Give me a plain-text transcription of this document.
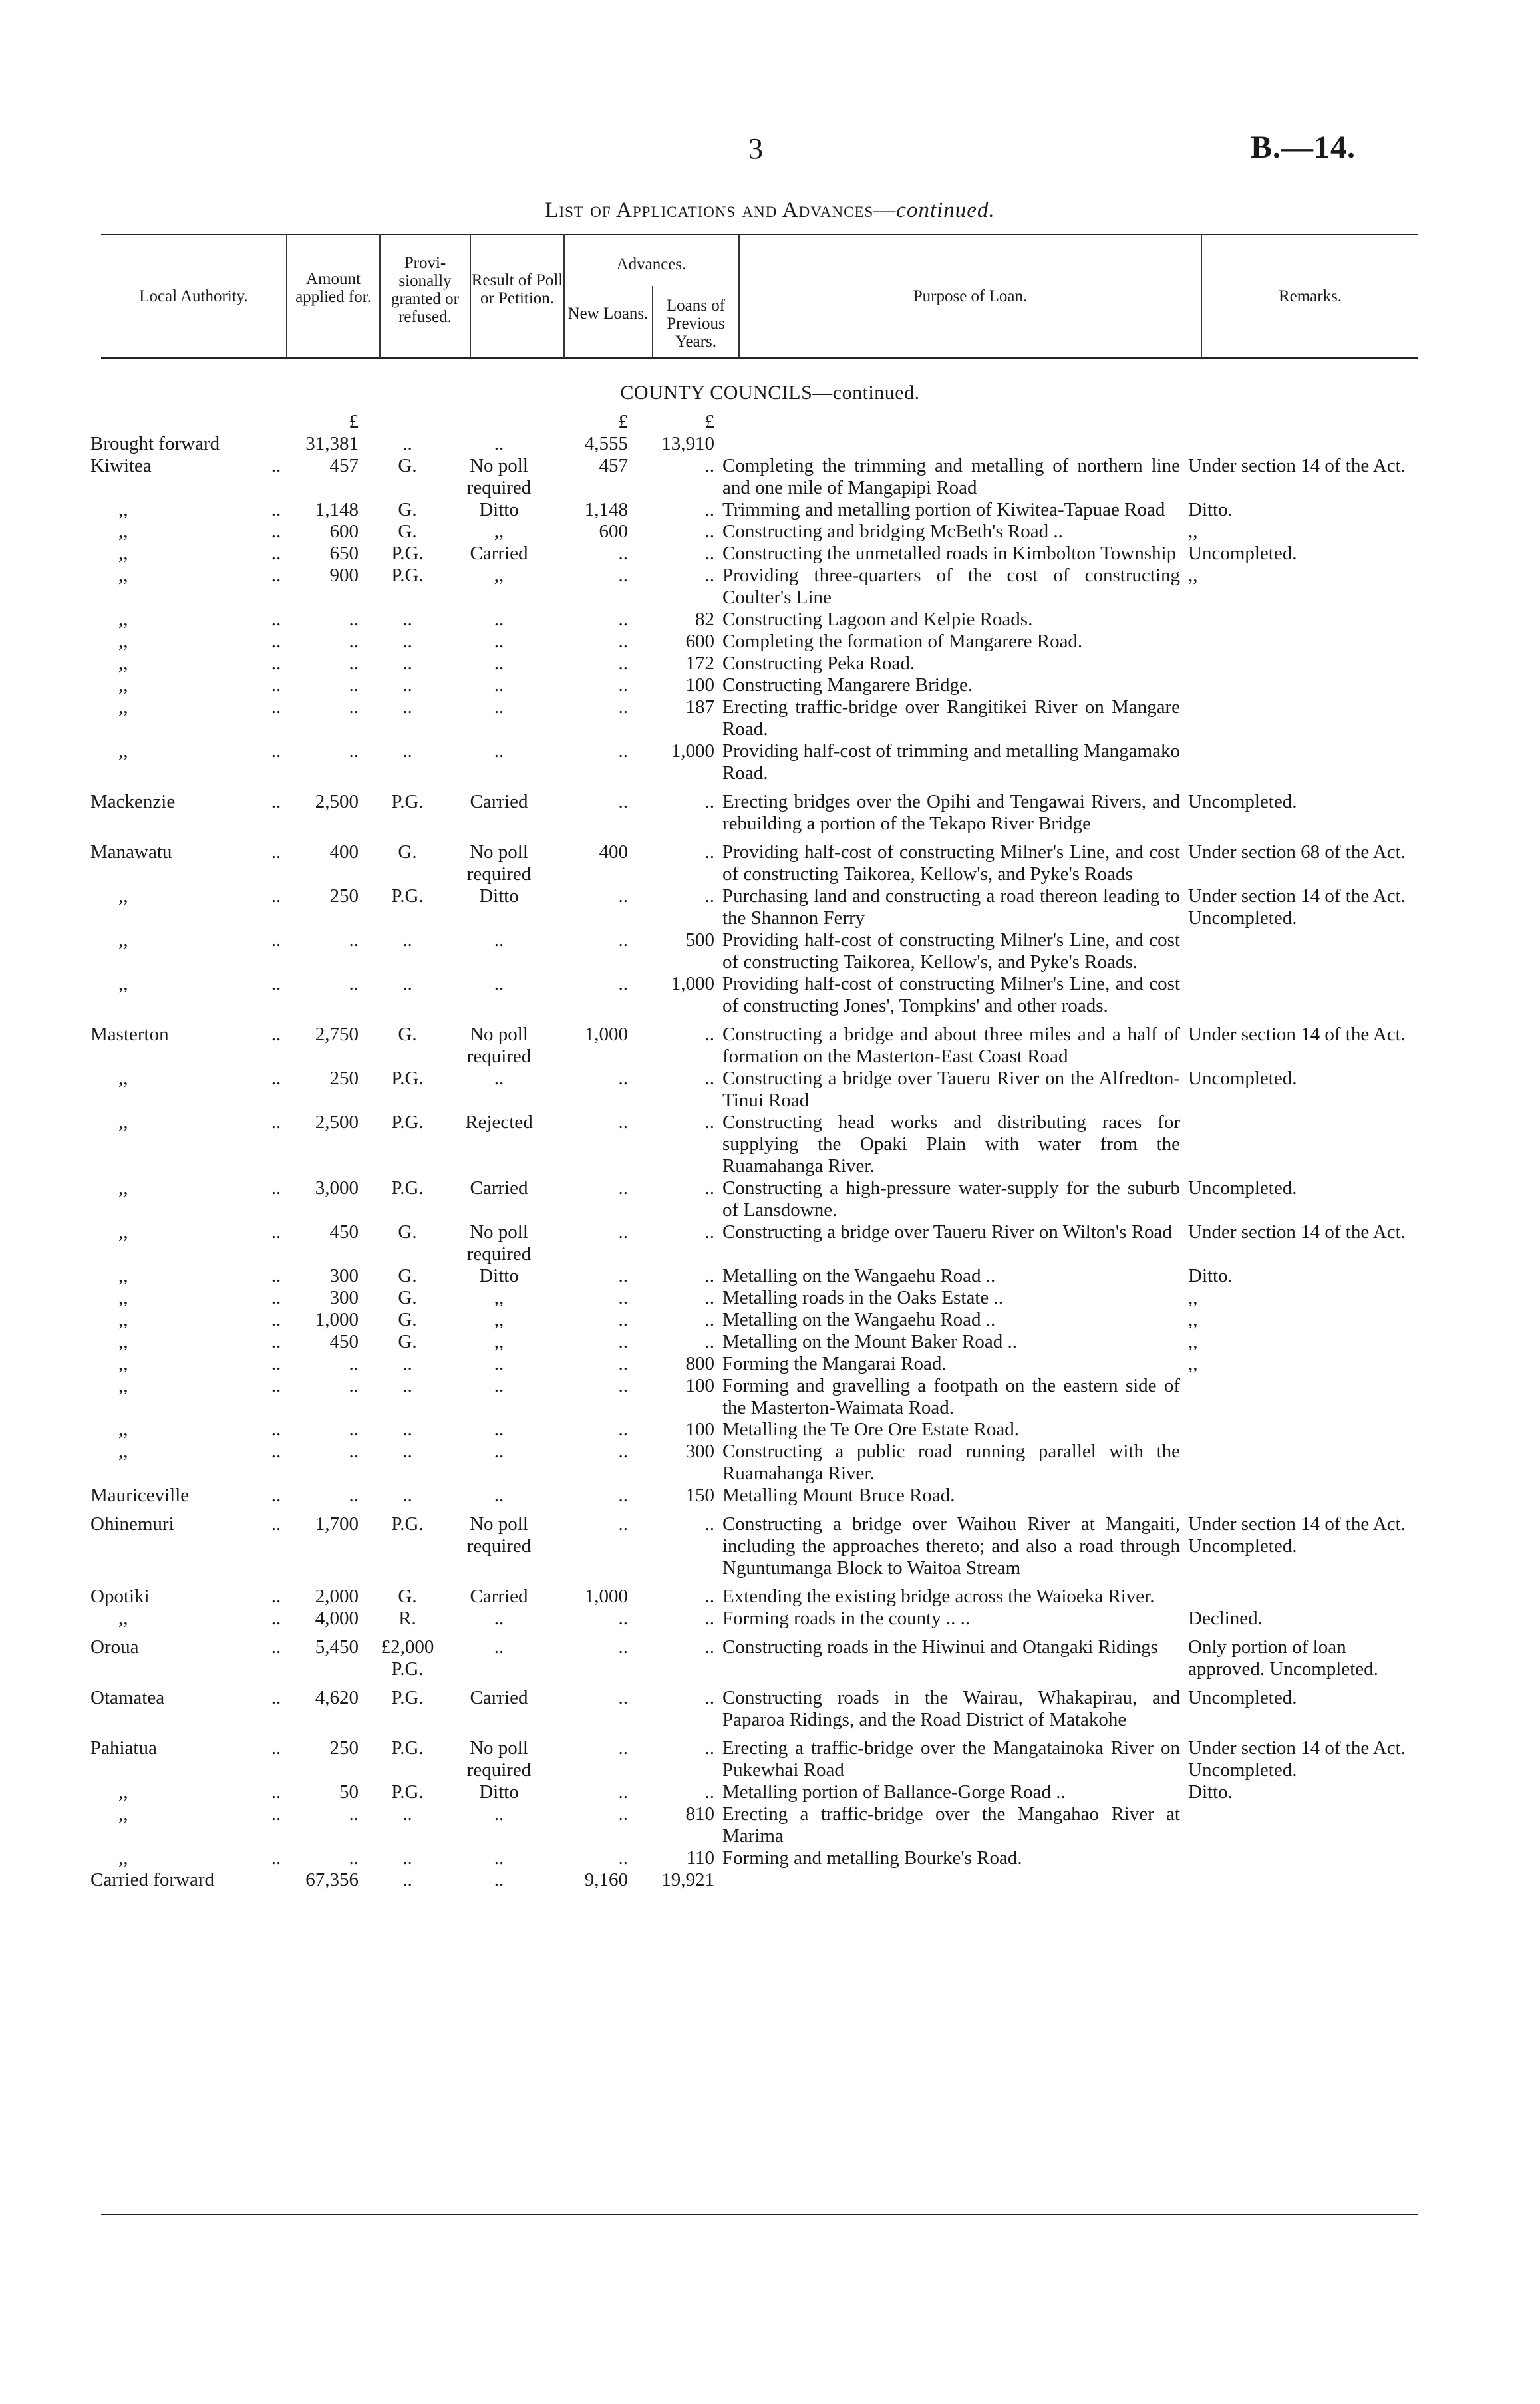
3	B.—14.
List of Applications and Advances—continued.
Local Authority.
Amount applied for.
Provi- sionally granted or refused.
Result of Poll or Petition.
Advances.
New Loans.	Loans of Previous Years.
Purpose of Loan.	Remarks.
COUNTY COUNCILS—continued.
		£			£	£		
Brought forward		31,381	..	..	4,555	13,910		
Kiwitea	..	457	G.	No poll required	457	..	Completing the trimming and metalling of northern line and one mile of Mangapipi Road	Under section 14 of the Act.
,,	..	1,148	G.	Ditto	1,148	..	Trimming and metalling portion of Kiwitea-Tapuae Road	Ditto.
,,	..	600	G.	,,	600	..	Constructing and bridging McBeth's Road ..	,,
,,	..	650	P.G.	Carried	..	..	Constructing the unmetalled roads in Kimbolton Township	Uncompleted.
,,	..	900	P.G.	,,	..	..	Providing three-quarters of the cost of constructing Coulter's Line	,,
,,	..	..	..	..	..	82	Constructing Lagoon and Kelpie Roads.	
,,	..	..	..	..	..	600	Completing the formation of Mangarere Road.	
,,	..	..	..	..	..	172	Constructing Peka Road.	
,,	..	..	..	..	..	100	Constructing Mangarere Bridge.	
,,	..	..	..	..	..	187	Erecting traffic-bridge over Rangitikei River on Mangare Road.	
,,	..	..	..	..	..	1,000	Providing half-cost of trimming and metalling Mangamako Road.	
Mackenzie	..	2,500	P.G.	Carried	..	..	Erecting bridges over the Opihi and Tengawai Rivers, and rebuilding a portion of the Tekapo River Bridge	Uncompleted.
Manawatu	..	400	G.	No poll required	400	..	Providing half-cost of constructing Milner's Line, and cost of constructing Taikorea, Kellow's, and Pyke's Roads	Under section 68 of the Act.
,,	..	250	P.G.	Ditto	..	..	Purchasing land and constructing a road thereon leading to the Shannon Ferry	Under section 14 of the Act. Uncompleted.
,,	..	..	..	..	..	500	Providing half-cost of constructing Milner's Line, and cost of constructing Taikorea, Kellow's, and Pyke's Roads.	
,,	..	..	..	..	..	1,000	Providing half-cost of constructing Milner's Line, and cost of constructing Jones', Tompkins' and other roads.	
Masterton	..	2,750	G.	No poll required	1,000	..	Constructing a bridge and about three miles and a half of formation on the Masterton-East Coast Road	Under section 14 of the Act.
,,	..	250	P.G.	..	..	..	Constructing a bridge over Taueru River on the Alfredton-Tinui Road	Uncompleted.
,,	..	2,500	P.G.	Rejected	..	..	Constructing head works and distributing races for supplying the Opaki Plain with water from the Ruamahanga River.	
,,	..	3,000	P.G.	Carried	..	..	Constructing a high-pressure water-supply for the suburb of Lansdowne.	Uncompleted.
,,	..	450	G.	No poll required	..	..	Constructing a bridge over Taueru River on Wilton's Road	Under section 14 of the Act.
,,	..	300	G.	Ditto	..	..	Metalling on the Wangaehu Road ..	Ditto.
,,	..	300	G.	,,	..	..	Metalling roads in the Oaks Estate ..	,,
,,	..	1,000	G.	,,	..	..	Metalling on the Wangaehu Road ..	,,
,,	..	450	G.	,,	..	..	Metalling on the Mount Baker Road ..	,,
,,	..	..	..	..	..	800	Forming the Mangarai Road.	,,
,,	..	..	..	..	..	100	Forming and gravelling a footpath on the eastern side of the Masterton-Waimata Road.	
,,	..	..	..	..	..	100	Metalling the Te Ore Ore Estate Road.	
,,	..	..	..	..	..	300	Constructing a public road running parallel with the Ruamahanga River.	
Mauriceville	..	..	..	..	..	150	Metalling Mount Bruce Road.	
Ohinemuri	..	1,700	P.G.	No poll required	..	..	Constructing a bridge over Waihou River at Mangaiti, including the approaches thereto; and also a road through Nguntumanga Block to Waitoa Stream	Under section 14 of the Act. Uncompleted.
Opotiki	..	2,000	G.	Carried	1,000	..	Extending the existing bridge across the Waioeka River.	
,,	..	4,000	R.	..	..	..	Forming roads in the county .. ..	Declined.
Oroua	..	5,450	£2,000 P.G.	..	..	..	Constructing roads in the Hiwinui and Otangaki Ridings	Only portion of loan approved. Uncompleted.
Otamatea	..	4,620	P.G.	Carried	..	..	Constructing roads in the Wairau, Whakapirau, and Paparoa Ridings, and the Road District of Matakohe	Uncompleted.
Pahiatua	..	250	P.G.	No poll required	..	..	Erecting a traffic-bridge over the Mangatainoka River on Pukewhai Road	Under section 14 of the Act. Uncompleted.
,,	..	50	P.G.	Ditto	..	..	Metalling portion of Ballance-Gorge Road ..	Ditto.
,,	..	..	..	..	..	810	Erecting a traffic-bridge over the Mangahao River at Marima	
,,	..	..	..	..	..	110	Forming and metalling Bourke's Road.	
Carried forward		67,356	..	..	9,160	19,921		
